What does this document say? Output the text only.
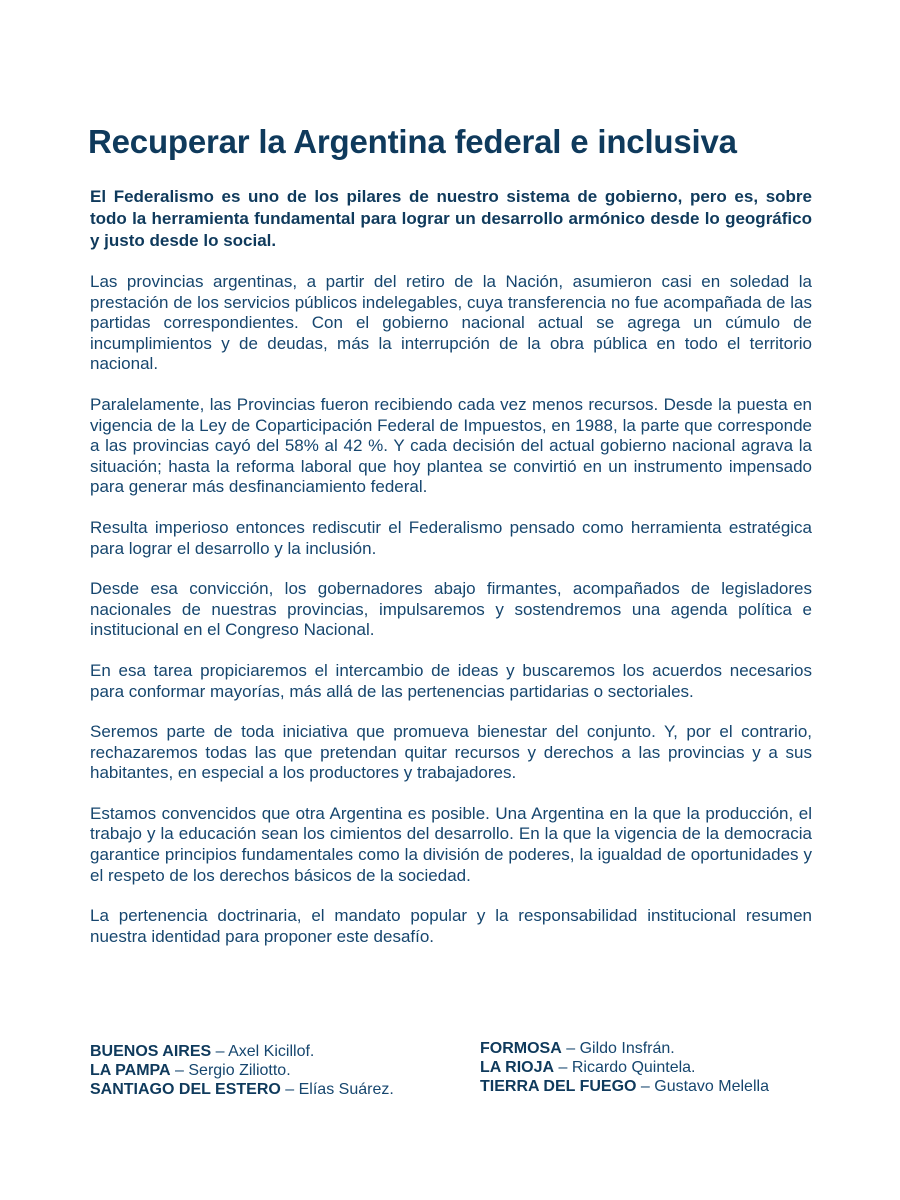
Recuperar la Argentina federal e inclusiva

El Federalismo es uno de los pilares de nuestro sistema de gobierno, pero es, sobre todo la herramienta fundamental para lograr un desarrollo armónico desde lo geográfico y justo desde lo social.

Las provincias argentinas, a partir del retiro de la Nación, asumieron casi en soledad la prestación de los servicios públicos indelegables, cuya transferencia no fue acompañada de las partidas correspondientes. Con el gobierno nacional actual se agrega un cúmulo de incumplimientos y de deudas, más la interrupción de la obra pública en todo el territorio nacional.

Paralelamente, las Provincias fueron recibiendo cada vez menos recursos. Desde la puesta en vigencia de la Ley de Coparticipación Federal de Impuestos, en 1988, la parte que corresponde a las provincias cayó del 58% al 42 %. Y cada decisión del actual gobierno nacional agrava la situación; hasta la reforma laboral que hoy plantea se convirtió en un instrumento impensado para generar más desfinanciamiento federal.

Resulta imperioso entonces rediscutir el Federalismo pensado como herramienta estratégica para lograr el desarrollo y la inclusión.

Desde esa convicción, los gobernadores abajo firmantes, acompañados de legisladores nacionales de nuestras provincias, impulsaremos y sostendremos una agenda política e institucional en el Congreso Nacional.

En esa tarea propiciaremos el intercambio de ideas y buscaremos los acuerdos necesarios para conformar mayorías, más allá de las pertenencias partidarias o sectoriales.

Seremos parte de toda iniciativa que promueva bienestar del conjunto. Y, por el contrario, rechazaremos todas las que pretendan quitar recursos y derechos a las provincias y a sus habitantes, en especial a los productores y trabajadores.

Estamos convencidos que otra Argentina es posible. Una Argentina en la que la producción, el trabajo y la educación sean los cimientos del desarrollo. En la que la vigencia de la democracia garantice principios fundamentales como la división de poderes, la igualdad de oportunidades y el respeto de los derechos básicos de la sociedad.

La pertenencia doctrinaria, el mandato popular y la responsabilidad institucional resumen nuestra identidad para proponer este desafío.

BUENOS AIRES – Axel Kicillof.
LA PAMPA – Sergio Ziliotto.
SANTIAGO DEL ESTERO – Elías Suárez.
FORMOSA – Gildo Insfrán.
LA RIOJA – Ricardo Quintela.
TIERRA DEL FUEGO – Gustavo Melella
